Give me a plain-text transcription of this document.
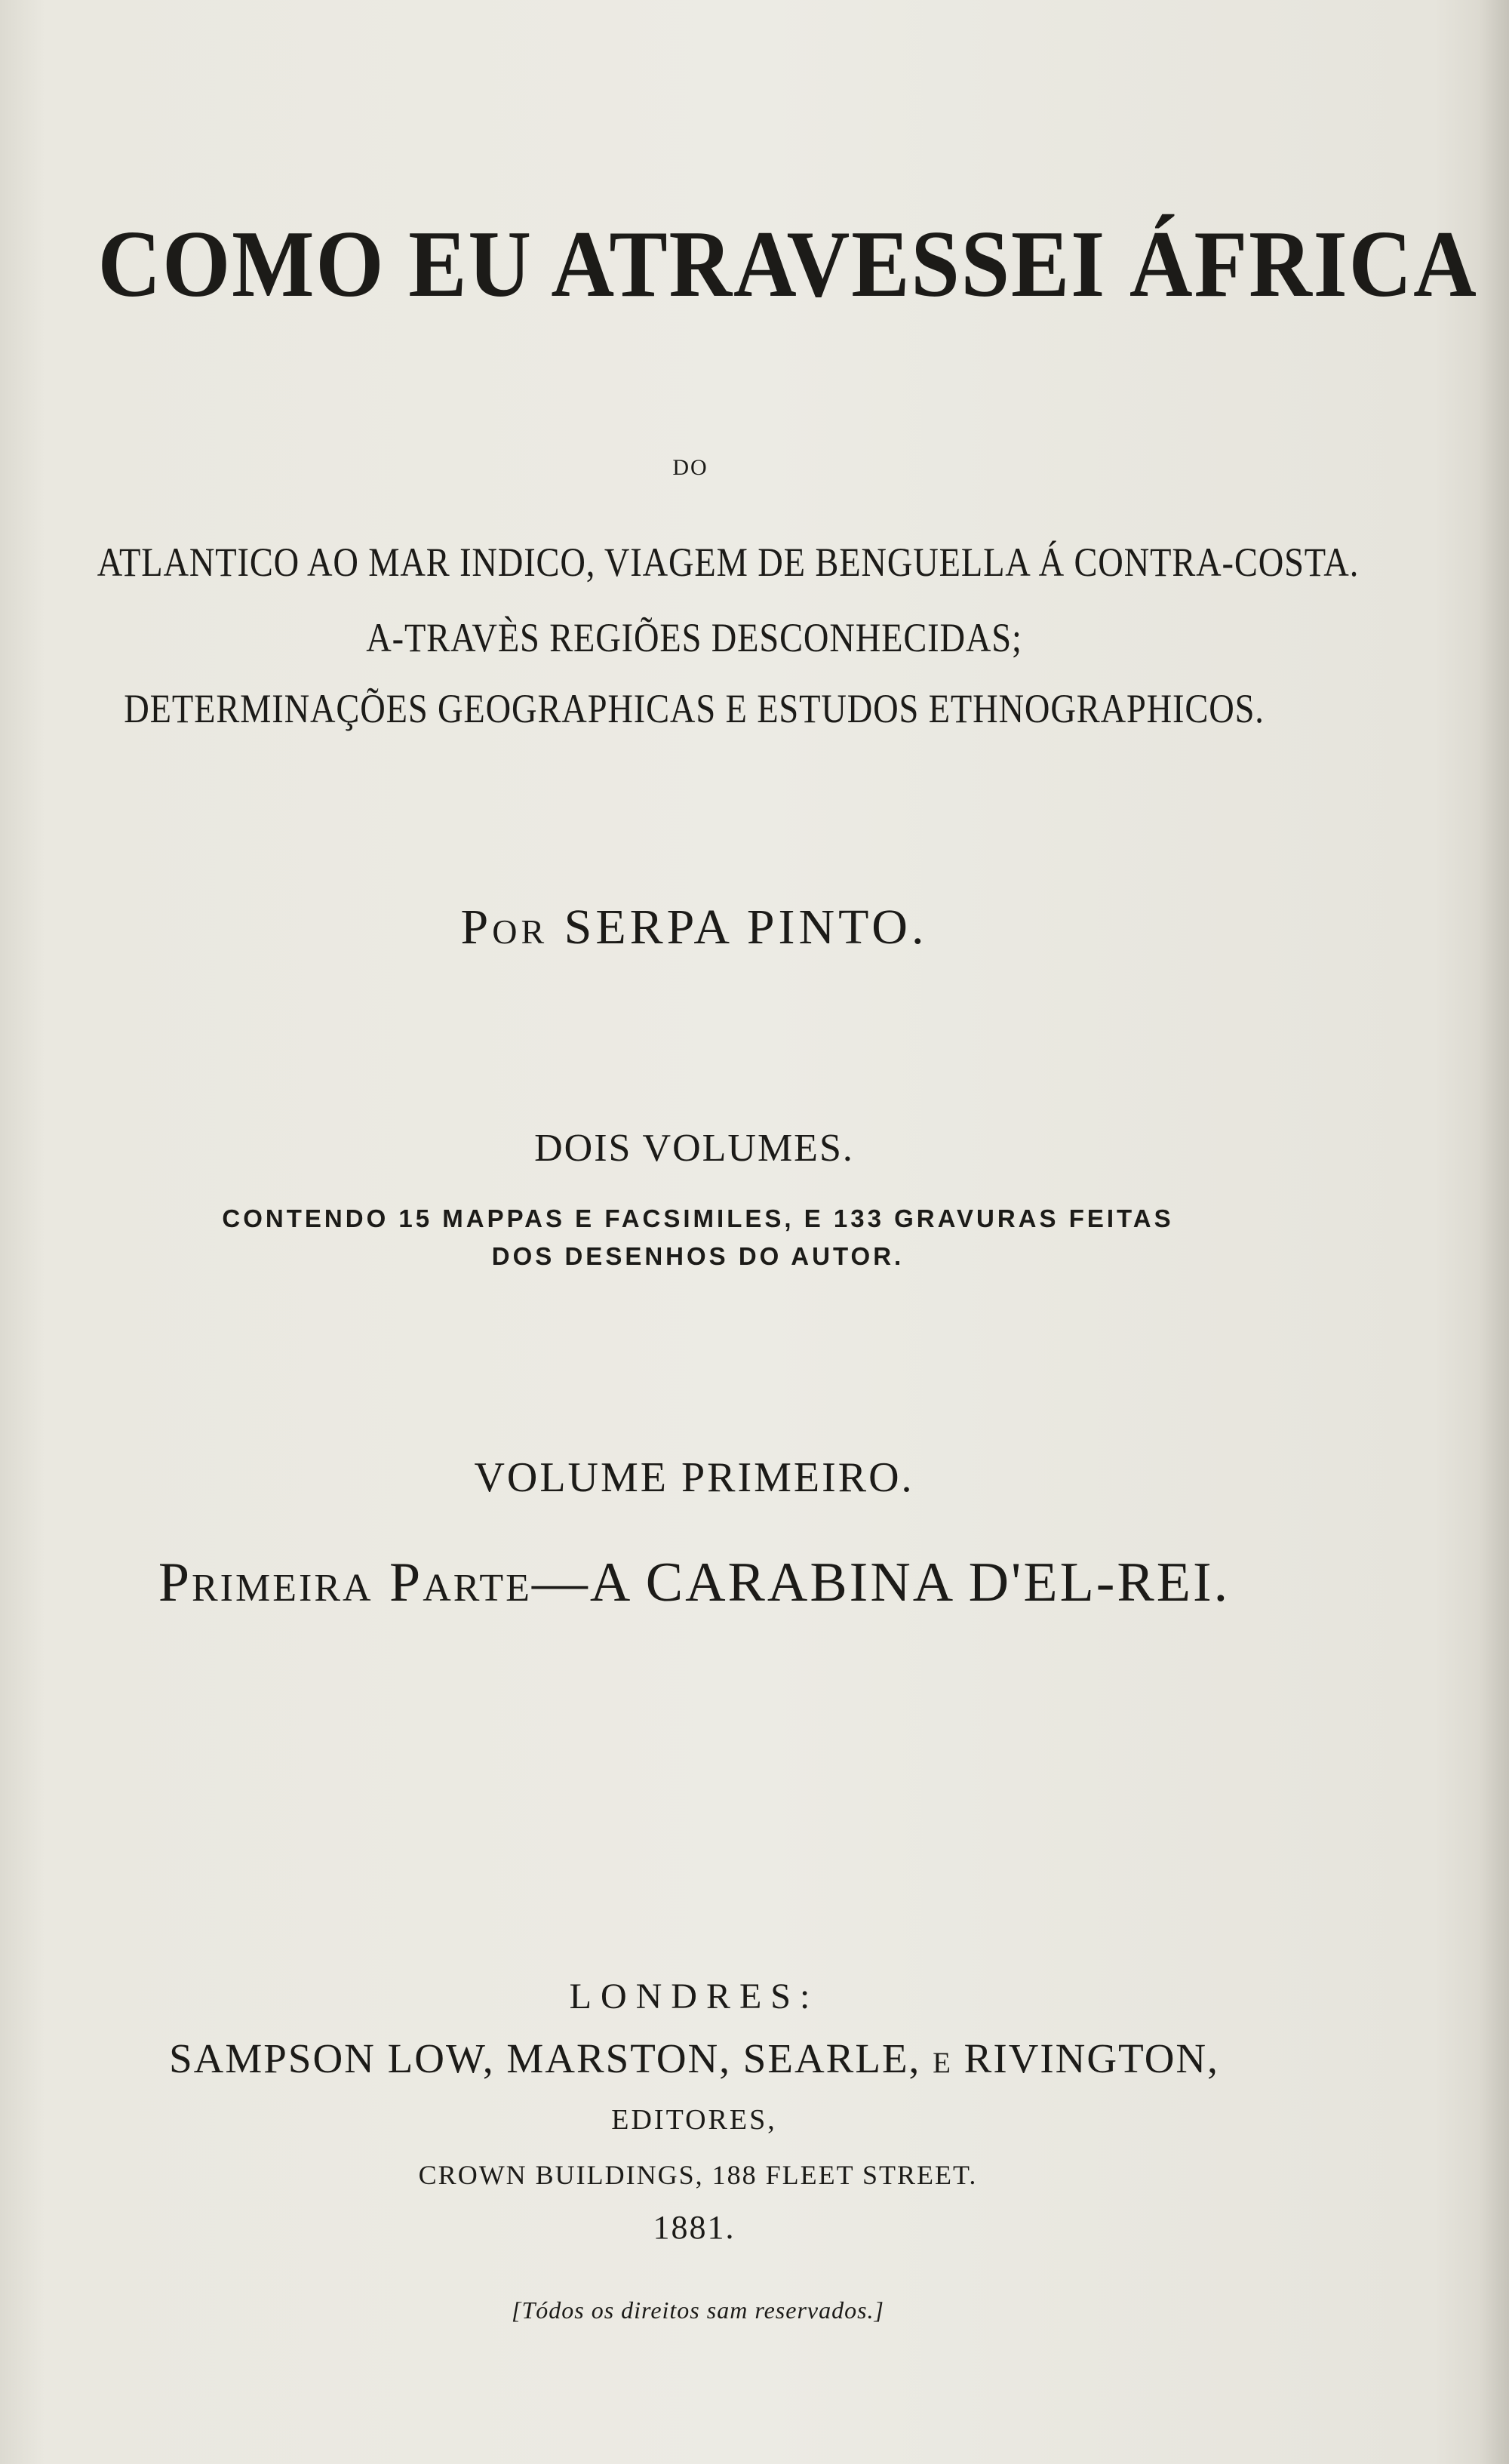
COMO EU ATRAVESSEI ÁFRICA

DO

ATLANTICO AO MAR INDICO, VIAGEM DE BENGUELLA Á CONTRA-COSTA.

A-TRAVÈS REGIÕES DESCONHECIDAS;

DETERMINAÇÕES GEOGRAPHICAS E ESTUDOS ETHNOGRAPHICOS.

Por SERPA PINTO.

DOIS VOLUMES.

CONTENDO 15 MAPPAS E FACSIMILES, E 133 GRAVURAS FEITAS

DOS DESENHOS DO AUTOR.

VOLUME PRIMEIRO.

Primeira Parte—A CARABINA D'EL-REI.

LONDRES:

SAMPSON LOW, MARSTON, SEARLE, e RIVINGTON,

EDITORES,

CROWN BUILDINGS, 188 FLEET STREET.

1881.

[Tódos os direitos sam reservados.]
